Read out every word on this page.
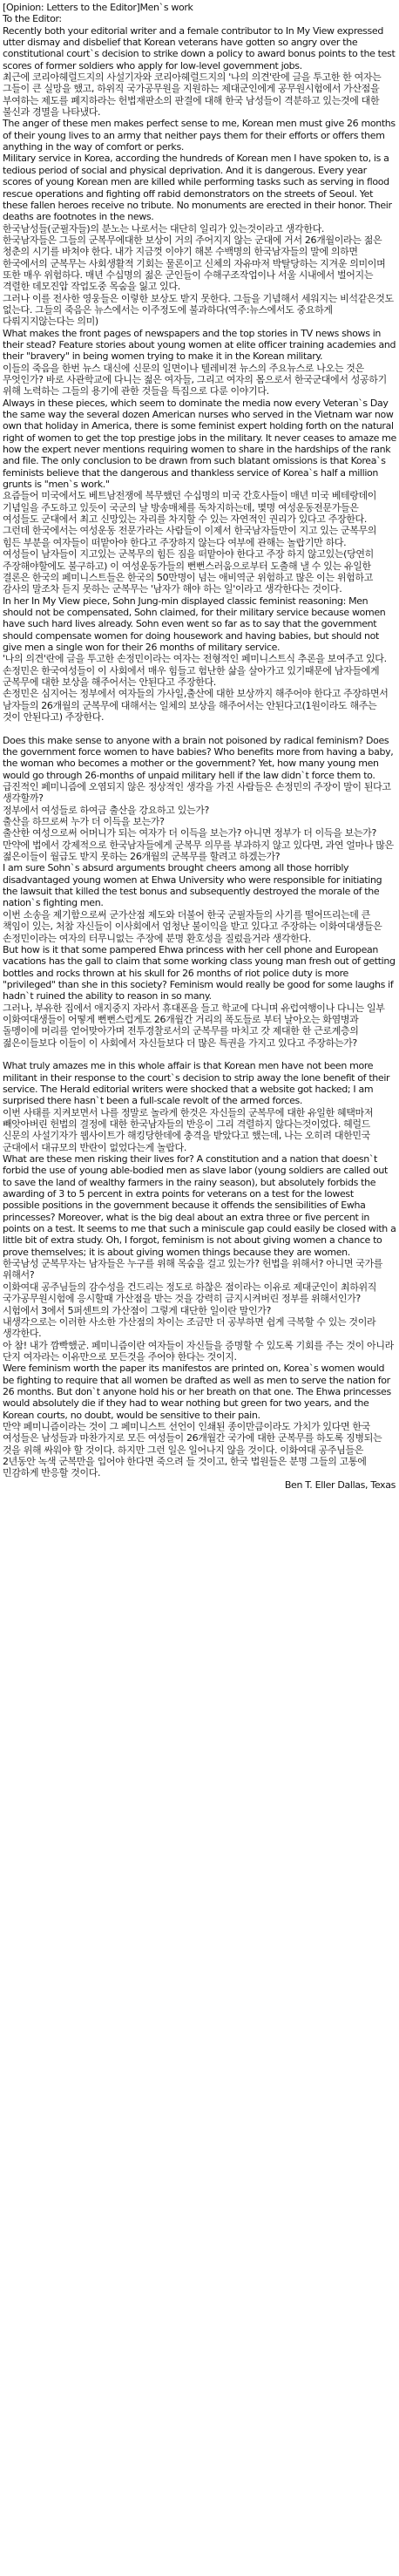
[Opinion: Letters to the Editor]Men`s work
To the Editor:
Recently both your editorial writer and a female contributor to In My View expressed utter dismay and disbelief that Korean veterans have gotten so angry over the constitutional court`s decision to strike down a policy to award bonus points to the test scores of former soldiers who apply for low-level government jobs.
최근에 코리아헤럴드지의 사설기자와 코리아헤럴드지의 '나의 의견'란에 글을 투고한 한 여자는 그들이 큰 실망을 했고, 하위직 국가공무원을 지원하는 제대군인에게 공무원시험에서 가산점을 부여하는 제도를 폐지하라는 헌법재판소의 판결에 대해 한국 남성들이 격분하고 있는것에 대한 불신과 경멸을 나타냈다.
The anger of these men makes perfect sense to me, Korean men must give 26 months of their young lives to an army that neither pays them for their efforts or offers them anything in the way of comfort or perks.
Military service in Korea, according the hundreds of Korean men I have spoken to, is a tedious period of social and physical deprivation. And it is dangerous. Every year scores of young Korean men are killed while performing tasks such as serving in flood rescue operations and fighting off rabid demonstrators on the streets of Seoul. Yet these fallen heroes receive no tribute. No monuments are erected in their honor. Their deaths are footnotes in the news.
한국남성들(군필자들)의 분노는 나로서는 대단히 일리가 있는것이라고 생각한다.
한국남자들은 그들의 군복무에대한 보상이 거의 주어지지 않는 군대에 거서 26개월이라는 젊은 청춘의 시기를 바쳐야 한다. 내가 지금껏 이야기 해본 수백명의 한국남자들의 말에 의하면 한국에서의 군복무는 사회생활적 기회는 물론이고 신체의 자유마저 박탈당하는 지겨운 의미이며 또한 매우 위험하다. 매년 수십명의 젊은 군인들이 수해구조작업이나 서울 시내에서 벌어지는 격렬한 데모진압 작업도중 목숨을 잃고 있다.
그러나 이를 전사한 영웅들은 이렇한 보상도 받지 못한다. 그들을 기념해서 세워지는 비석같은것도 없는다. 그들의 죽음은 뉴스에서는 이주정도에 불과하다(역주:뉴스에서도 중요하게 다뤄지지않는다는 의미)
What makes the front pages of newspapers and the top stories in TV news shows in their stead? Feature stories about young women at elite officer training academies and their "bravery" in being women trying to make it in the Korean military.
이들의 죽음을 한번 뉴스 대신에 신문의 일면이나 텔레비젼 뉴스의 주요뉴스로 나오는 것은 무엇인가? 바로 사관학교에 다니는 젊은 여자들, 그리고 여자의 몸으로서 한국군대에서 성공하기 위해 노력하는 그들의 용기에 관한 것들을 특집으로 다룬 이야기다.
Always in these pieces, which seem to dominate the media now every Veteran`s Day the same way the several dozen American nurses who served in the Vietnam war now own that holiday in America, there is some feminist expert holding forth on the natural right of women to get the top prestige jobs in the military. It never ceases to amaze me how the expert never mentions requiring women to share in the hardships of the rank and file. The only conclusion to be drawn from such blatant omissions is that Korea`s feminists believe that the dangerous and thankless service of Korea`s half a million grunts is "men`s work."
요즘들어 미국에서도 베트남전쟁에 복무했던 수십명의 미국 간호사들이 매년 미국 베테랑데이 기념일을 주도하고 있듯이 국군의 날 방송매체를 독차지하는데, 몇명 여성운동전문가들은 여성들도 군대에서 최고 신망있는 자리를 차지할 수 있는 자연적인 권리가 있다고 주장한다.
그런데 한국에서는 여성운동 전문가라는 사람들이 이제서 한국남자들만이 지고 있는 군복무의 힘든 부분을 여자들이 떠맡아야 한다고 주장하지 않는다 여부에 관해는 놀랍기만 하다.
여성들이 남자들이 지고있는 군복무의 힘든 짐을 떠맡아야 한다고 주장 하지 않고있는(당연히 주장해야할에도 불구하고) 이 여성운동가들의 뻔뻔스러움으로부터 도출해 낼 수 있는 유일한 결론은 한국의 페미니스트들은 한국의 50만명이 넘는 애비역군 위험하고 많은 이는 위험하고 감사의 말조차 듣지 못하는 군복무는 '남자가 해야 하는 일'이라고 생각한다는 것이다.
In her In My View piece, Sohn Jung-min displayed classic feminist reasoning: Men should not be compensated, Sohn claimed, for their military service because women have such hard lives already. Sohn even went so far as to say that the government should compensate women for doing housework and having babies, but should not give men a single won for their 26 months of military service.
'나의 의견'란에 글을 투고한 손정민이라는 여자는 전형적인 페미니스트식 추론을 보여주고 있다. 손정민은 한국여성들이 이 사회에서 매우 힘들고 험난한 삶을 살아가고 있기때문에 남자들에게 군복무에 대한 보상을 해주어서는 안된다고 주장한다.
손정민은 심지어는 정부에서 여자들의 가사일,출산에 대한 보상까지 해주어야 한다고 주장하면서 남자들의 26개월의 군복무에 대해서는 일체의 보상을 해주어서는 안된다고(1원이라도 해주는 것이 안된다고) 주장한다.
Does this make sense to anyone with a brain not poisoned by radical feminism? Does the government force women to have babies? Who benefits more from having a baby, the woman who becomes a mother or the government? Yet, how many young men would go through 26-months of unpaid military hell if the law didn`t force them to.
급진적인 페미니즘에 오염되지 않은 정상적인 생각을 가진 사람들은 손정민의 주장이 말이 된다고 생각할까?
정부에서 여성들로 하여금 출산을 강요하고 있는가?
출산을 하므로써 누가 더 이득을 보는가?
출산한 여성으로써 어머니가 되는 여자가 더 이득을 보는가? 아니면 정부가 더 이득을 보는가?
만약에 법에서 강제적으로 한국남자들에게 군복무 의무를 부과하지 않고 있다면, 과연 얼마나 많은 젊은이들이 월급도 받지 못하는 26개월의 군복무를 할려고 하겠는가?
I am sure Sohn`s absurd arguments brought cheers among all those horribly disadvantaged young women at Ehwa University who were responsible for initiating the lawsuit that killed the test bonus and subsequently destroyed the morale of the nation`s fighting men.
이번 소송을 제기함으로써 군가산점 제도와 더불어 한국 군필자들의 사기를 떨어뜨리는데 큰 책임이 있는, 처참 자신들이 이사회에서 엄청난 불이익을 받고 있다고 주장하는 이화여대생들은 손정민이라는 여자의 터무니없는 주장에 분명 환호성을 질렀을거라 생각한다.
But how is it that some pampered Ehwa princess with her cell phone and European vacations has the gall to claim that some working class young man fresh out of getting bottles and rocks thrown at his skull for 26 months of riot police duty is more "privileged" than she in this society? Feminism would really be good for some laughs if hadn`t ruined the ability to reason in so many.
그러나, 부유한 집에서 애지중지 자라서 휴대폰을 들고 학교에 다니며 유럽여행이나 다니는 일부 이화여대생들이 어떻게 뻔뻔스럽게도 26개월간 거리의 폭도들로 부터 날아오는 화염병과 돌멩이에 머리를 얻어맞아가며 전투경찰로서의 군복무를 마치고 갓 제대한 한 근로계층의 젊은이들보다 이들이 이 사회에서 자신들보다 더 많은 특권을 가지고 있다고 주장하는가?
What truly amazes me in this whole affair is that Korean men have not been more militant in their response to the court`s decision to strip away the lone benefit of their service. The Herald editorial writers were shocked that a website got hacked; I am surprised there hasn`t been a full-scale revolt of the armed forces.
이번 사태를 지켜보면서 나를 정말로 놀라게 한것은 자신들의 군복무에 대한 유일한 혜택마저 빼앗아버린 헌법의 결정에 대한 한국남자들의 반응이 그리 격렬하지 않다는것이었다. 헤럴드 신문의 사설기자가 웹사이트가 해킹당한데에 충격을 받았다고 했는데, 나는 오히려 대한민국 군대에서 대규모의 반란이 없었다는게 놀랍다.
What are these men risking their lives for? A constitution and a nation that doesn`t forbid the use of young able-bodied men as slave labor (young soldiers are called out to save the land of wealthy farmers in the rainy season), but absolutely forbids the awarding of 3 to 5 percent in extra points for veterans on a test for the lowest
possible positions in the government because it offends the sensibilities of Ewha princesses? Moreover, what is the big deal about an extra three or five percent in points on a test. It seems to me that such a miniscule gap could easily be closed with a little bit of extra study. Oh, I forgot, feminism is not about giving women a chance to prove themselves; it is about giving women things because they are women.
한국남성 군복무자는 남자들은 누구를 위해 목숨을 걸고 있는가? 헌법을 위해서? 아니면 국가를 위해서?
이화여대 공주님들의 감수성을 건드리는 정도로 하찮은 점이라는 이유로 제대군인이 최하위직 국가공무원시험에 응시할때 가산점을 받는 것을 강력히 금지시켜버린 정부를 위해서인가?
시험에서 3에서 5퍼센트의 가산점이 그렇게 대단한 일이란 말인가?
내생각으로는 이러한 사소한 가산점의 차이는 조금만 더 공부하면 쉽게 극복할 수 있는 것이라 생각한다.
아 참! 내가 깜빡했군. 페미니즘이란 여자들이 자신들을 증명할 수 있도록 기회를 주는 것이 아니라 단지 여자라는 이유만으로 모든것을 주어야 한다는 것이지.
Were feminism worth the paper its manifestos are printed on, Korea`s women would be fighting to require that all women be drafted as well as men to serve the nation for 26 months. But don`t anyone hold his or her breath on that one. The Ehwa princesses would absolutely die if they had to wear nothing but green for two years, and the Korean courts, no doubt, would be sensitive to their pain.
만약 페미니즘이라는 것이 그 페미니스트 선언이 인쇄된 종이만큼이라도 가치가 있다면 한국 여성들은 남성들과 마찬가지로 모든 여성들이 26개월간 국가에 대한 군복무를 하도록 징병되는 것을 위해 싸워야 할 것이다. 하지만 그런 일은 일어나지 않을 것이다. 이화여대 공주님들은 2년동안 녹색 군복만을 입어야 한다면 죽으려 들 것이고, 한국 법원들은 분명 그들의 고통에 민감하게 반응할 것이다.
Ben T. Eller Dallas, Texas
